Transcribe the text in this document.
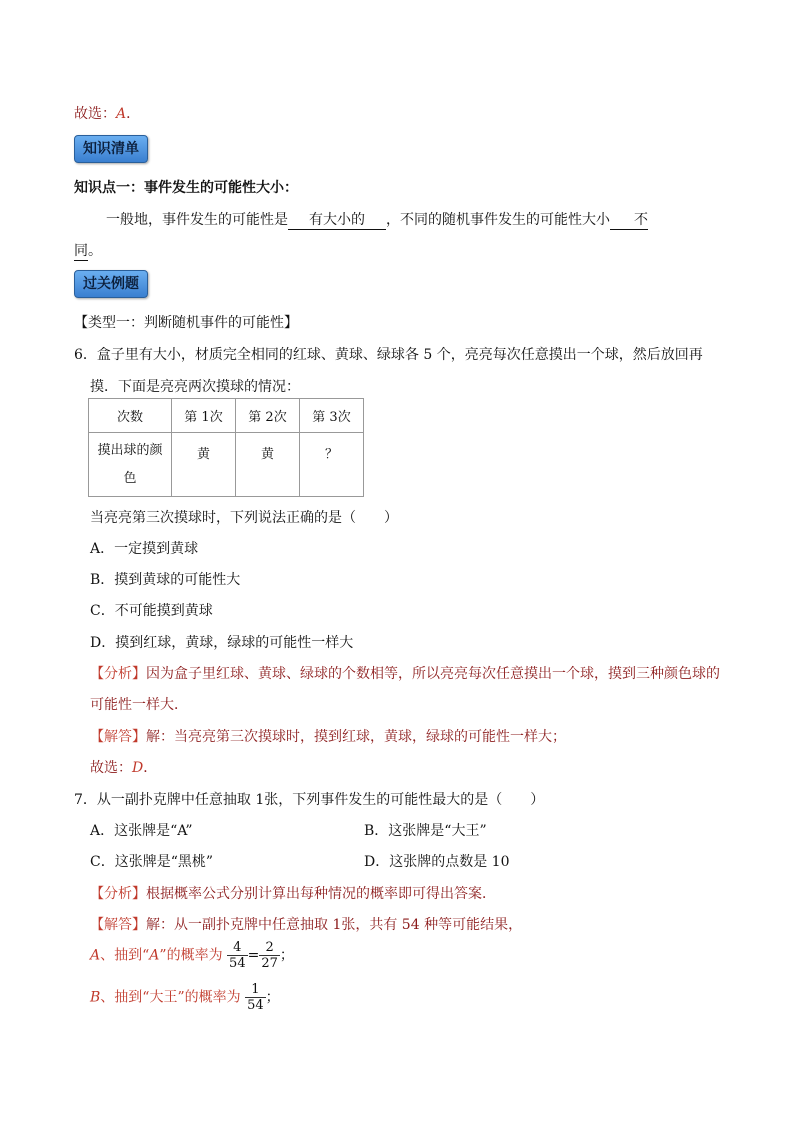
故选：A．
知识清单
知识点一：事件发生的可能性大小：
一般地，事件发生的可能性是 有大小的 ，不同的随机事件发生的可能性大小 不
同。
过关例题
【类型一：判断随机事件的可能性】
6．盒子里有大小，材质完全相同的红球、黄球、绿球各 5 个，亮亮每次任意摸出一个球，然后放回再
摸．下面是亮亮两次摸球的情况：
次数	第 1次	第 2次	第 3次

摸出球的颜
色	黄	黄	？
当亮亮第三次摸球时，下列说法正确的是（　　）
A．一定摸到黄球
B．摸到黄球的可能性大
C．不可能摸到黄球
D．摸到红球，黄球，绿球的可能性一样大
【分析】因为盒子里红球、黄球、绿球的个数相等，所以亮亮每次任意摸出一个球，摸到三种颜色球的
可能性一样大．
【解答】解：当亮亮第三次摸球时，摸到红球，黄球，绿球的可能性一样大；
故选：D．
7．从一副扑克牌中任意抽取 1张，下列事件发生的可能性最大的是（　　）
A．这张牌是“A”	B．这张牌是“大王”
C．这张牌是“黑桃”	D．这张牌的点数是 10
【分析】根据概率公式分别计算出每种情况的概率即可得出答案．
【解答】解：从一副扑克牌中任意抽取 1张，共有 54 种等可能结果，
A、抽到“A”的概率为 $\frac{4}{54} = \frac{2}{27}$ ；
B、抽到“大王”的概率为 $\frac{1}{54}$ ；
